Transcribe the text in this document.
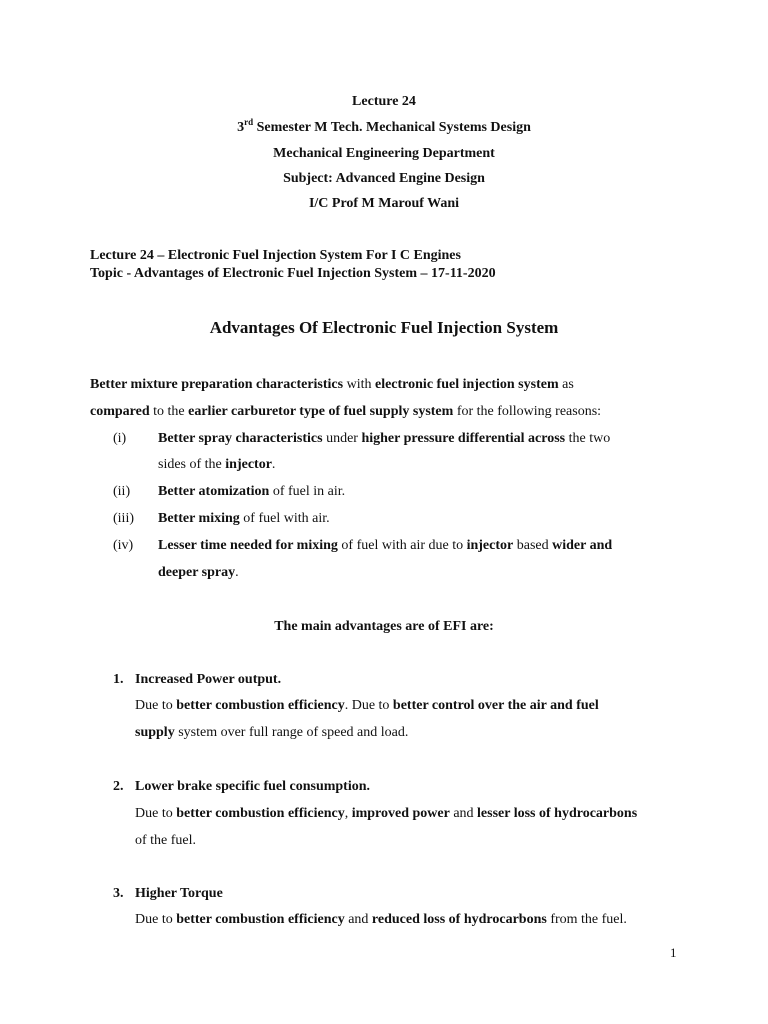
Lecture 24
3rd Semester M Tech. Mechanical Systems Design
Mechanical Engineering Department
Subject: Advanced Engine Design
I/C Prof M Marouf Wani
Lecture 24 – Electronic Fuel Injection System For I C Engines
Topic - Advantages of Electronic Fuel Injection System – 17-11-2020
Advantages Of Electronic Fuel Injection System
Better mixture preparation characteristics with electronic fuel injection system as
compared to the earlier carburetor type of fuel supply system for the following reasons:
(i) Better spray characteristics under higher pressure differential across the two
sides of the injector.
(ii) Better atomization of fuel in air.
(iii) Better mixing of fuel with air.
(iv) Lesser time needed for mixing of fuel with air due to injector based wider and
deeper spray.
The main advantages are of EFI are:
1. Increased Power output.
Due to better combustion efficiency. Due to better control over the air and fuel
supply system over full range of speed and load.
2. Lower brake specific fuel consumption.
Due to better combustion efficiency, improved power and lesser loss of hydrocarbons
of the fuel.
3. Higher Torque
Due to better combustion efficiency and reduced loss of hydrocarbons from the fuel.
1
